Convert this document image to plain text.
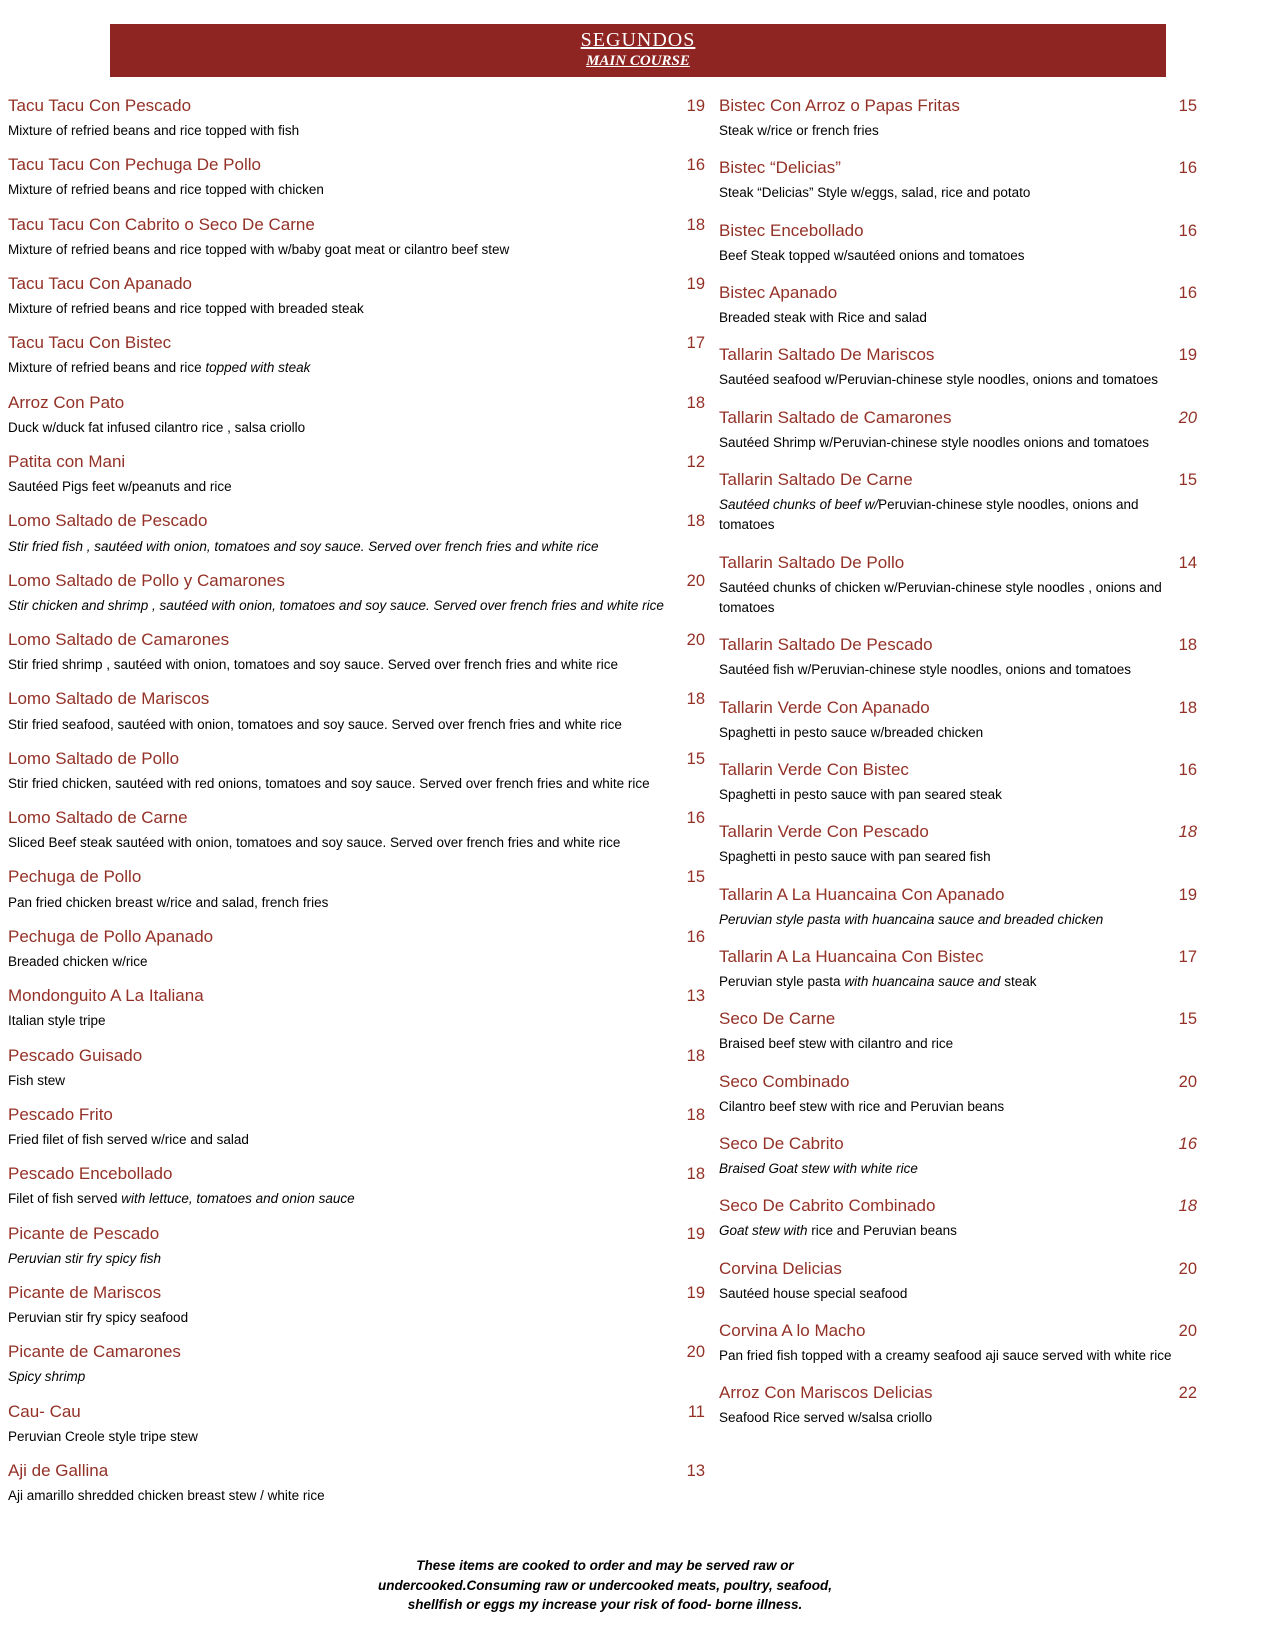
SEGUNDOS
MAIN COURSE
Tacu Tacu Con Pescado	19
Mixture of refried beans and rice topped with fish
Tacu Tacu Con Pechuga De Pollo	16
Mixture of refried beans and rice topped with chicken
Tacu Tacu Con Cabrito o Seco De Carne	18
Mixture of refried beans and rice topped with w/baby goat meat or cilantro beef stew
Tacu Tacu Con Apanado	19
Mixture of refried beans and rice topped with breaded steak
Tacu Tacu Con Bistec	17
Mixture of refried beans and rice topped with steak
Arroz Con Pato	18
Duck w/duck fat infused cilantro rice , salsa criollo
Patita con Mani	12
Sautéed Pigs feet w/peanuts and rice
Lomo Saltado de Pescado	18
Stir fried fish , sautéed with onion, tomatoes and soy sauce. Served over french fries and white rice
Lomo Saltado de Pollo y Camarones	20
Stir chicken and shrimp , sautéed with onion, tomatoes and soy sauce. Served over french fries and white rice
Lomo Saltado de Camarones	20
Stir fried shrimp , sautéed with onion, tomatoes and soy sauce. Served over french fries and white rice
Lomo Saltado de Mariscos	18
Stir fried seafood, sautéed with onion, tomatoes and soy sauce. Served over french fries and white rice
Lomo Saltado de Pollo	15
Stir fried chicken, sautéed with red onions, tomatoes and soy sauce. Served over french fries and white rice
Lomo Saltado de Carne	16
Sliced Beef steak sautéed with onion, tomatoes and soy sauce. Served over french fries and white rice
Pechuga de Pollo	15
Pan fried chicken breast w/rice and salad, french fries
Pechuga de Pollo Apanado	16
Breaded chicken w/rice
Mondonguito A La Italiana	13
Italian style tripe
Pescado Guisado	18
Fish stew
Pescado Frito	18
Fried filet of fish served w/rice and salad
Pescado Encebollado	18
Filet of fish served with lettuce, tomatoes and onion sauce
Picante de Pescado	19
Peruvian stir fry spicy fish
Picante de Mariscos	19
Peruvian stir fry spicy seafood
Picante de Camarones	20
Spicy shrimp
Cau- Cau	11
Peruvian Creole style tripe stew
Aji de Gallina	13
Aji amarillo shredded chicken breast stew / white rice
Bistec Con Arroz o Papas Fritas	15
Steak w/rice or french fries
Bistec “Delicias”	16
Steak “Delicias” Style w/eggs, salad, rice and potato
Bistec Encebollado	16
Beef Steak topped w/sautéed onions and tomatoes
Bistec Apanado	16
Breaded steak with Rice and salad
Tallarin Saltado De Mariscos	19
Sautéed seafood w/Peruvian-chinese style noodles, onions and tomatoes
Tallarin Saltado de Camarones	20
Sautéed Shrimp w/Peruvian-chinese style noodles onions and tomatoes
Tallarin Saltado De Carne	15
Sautéed chunks of beef w/Peruvian-chinese style noodles, onions and tomatoes
Tallarin Saltado De Pollo	14
Sautéed chunks of chicken w/Peruvian-chinese style noodles , onions and tomatoes
Tallarin Saltado De Pescado	18
Sautéed fish w/Peruvian-chinese style noodles, onions and tomatoes
Tallarin Verde Con Apanado	18
Spaghetti in pesto sauce w/breaded chicken
Tallarin Verde Con Bistec	16
Spaghetti in pesto sauce with pan seared steak
Tallarin Verde Con Pescado	18
Spaghetti in pesto sauce with pan seared fish
Tallarin A La Huancaina Con Apanado	19
Peruvian style pasta with huancaina sauce and breaded chicken
Tallarin A La Huancaina Con Bistec	17
Peruvian style pasta with huancaina sauce and steak
Seco De Carne	15
Braised beef stew with cilantro and rice
Seco Combinado	20
Cilantro beef stew with rice and Peruvian beans
Seco De Cabrito	16
Braised Goat stew with white rice
Seco De Cabrito Combinado	18
Goat stew with rice and Peruvian beans
Corvina Delicias	20
Sautéed house special seafood
Corvina A lo Macho	20
Pan fried fish topped with a creamy seafood aji sauce served with white rice
Arroz Con Mariscos Delicias	22
Seafood Rice served w/salsa criollo
These items are cooked to order and may be served raw or
undercooked.Consuming raw or undercooked meats, poultry, seafood,
shellfish or eggs my increase your risk of food- borne illness.
